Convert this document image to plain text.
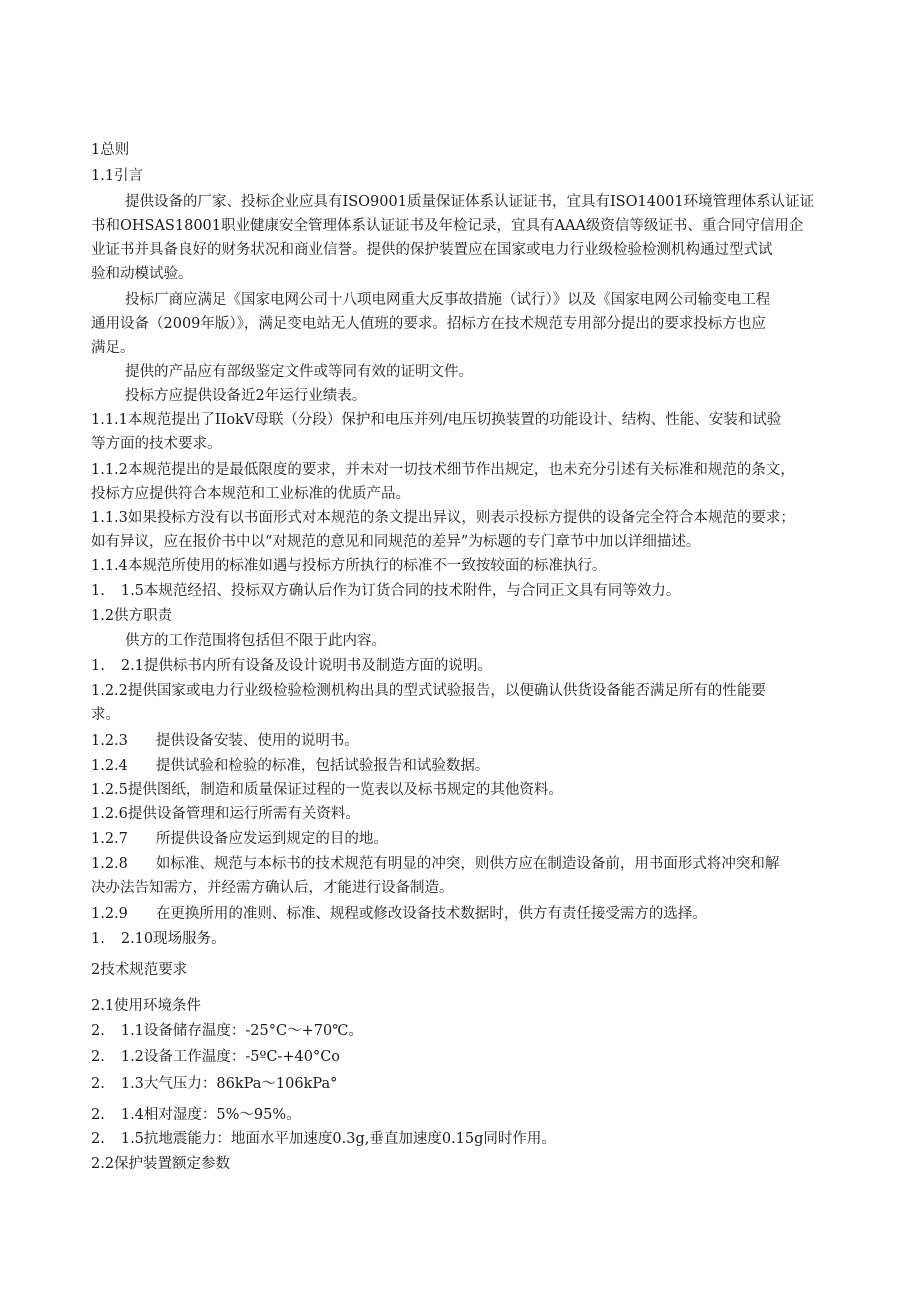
1总则
1.1引言
提供设备的厂家、投标企业应具有ISO9001质量保证体系认证证书，宜具有ISO14001环境管理体系认证证
书和OHSAS18001职业健康安全管理体系认证证书及年检记录，宜具有AAA级资信等级证书、重合同守信用企
业证书并具备良好的财务状况和商业信誉。提供的保护装置应在国家或电力行业级检验检测机构通过型式试
验和动模试验。
投标厂商应满足《国家电网公司十八项电网重大反事故措施（试行）》以及《国家电网公司输变电工程
通用设备（2009年版）》，满足变电站无人值班的要求。招标方在技术规范专用部分提出的要求投标方也应
满足。
提供的产品应有部级鉴定文件或等同有效的证明文件。
投标方应提供设备近2年运行业绩表。
1.1.1本规范提出了IIokV母联（分段）保护和电压并列/电压切换装置的功能设计、结构、性能、安装和试验
等方面的技术要求。
1.1.2本规范提出的是最低限度的要求，并未对一切技术细节作出规定，也未充分引述有关标准和规范的条文，
投标方应提供符合本规范和工业标准的优质产品。
1.1.3如果投标方没有以书面形式对本规范的条文提出异议，则表示投标方提供的设备完全符合本规范的要求；
如有异议，应在报价书中以“对规范的意见和同规范的差异”为标题的专门章节中加以详细描述。
1.1.4本规范所使用的标准如遇与投标方所执行的标准不一致按较面的标准执行。
1. 1.5本规范经招、投标双方确认后作为订货合同的技术附件，与合同正文具有同等效力。
1.2供方职责
供方的工作范围将包括但不限于此内容。
1. 2.1提供标书内所有设备及设计说明书及制造方面的说明。
1.2.2提供国家或电力行业级检验检测机构出具的型式试验报告，以便确认供货设备能否满足所有的性能要
求。
1.2.3 提供设备安装、使用的说明书。
1.2.4 提供试验和检验的标准，包括试验报告和试验数据。
1.2.5提供图纸，制造和质量保证过程的一览表以及标书规定的其他资料。
1.2.6提供设备管理和运行所需有关资料。
1.2.7 所提供设备应发运到规定的目的地。
1.2.8 如标准、规范与本标书的技术规范有明显的冲突，则供方应在制造设备前，用书面形式将冲突和解
决办法告知需方，并经需方确认后，才能进行设备制造。
1.2.9 在更换所用的准则、标准、规程或修改设备技术数据时，供方有责任接受需方的选择。
1. 2.10现场服务。
2技术规范要求
2.1使用环境条件
2. 1.1设备储存温度：-25°C～+70℃。
2. 1.2设备工作温度：-5ºC-+40°Co
2. 1.3大气压力：86kPa～106kPa°
2. 1.4相对湿度：5%～95%。
2. 1.5抗地震能力：地面水平加速度0.3g,垂直加速度0.15g同时作用。
2.2保护装置额定参数
